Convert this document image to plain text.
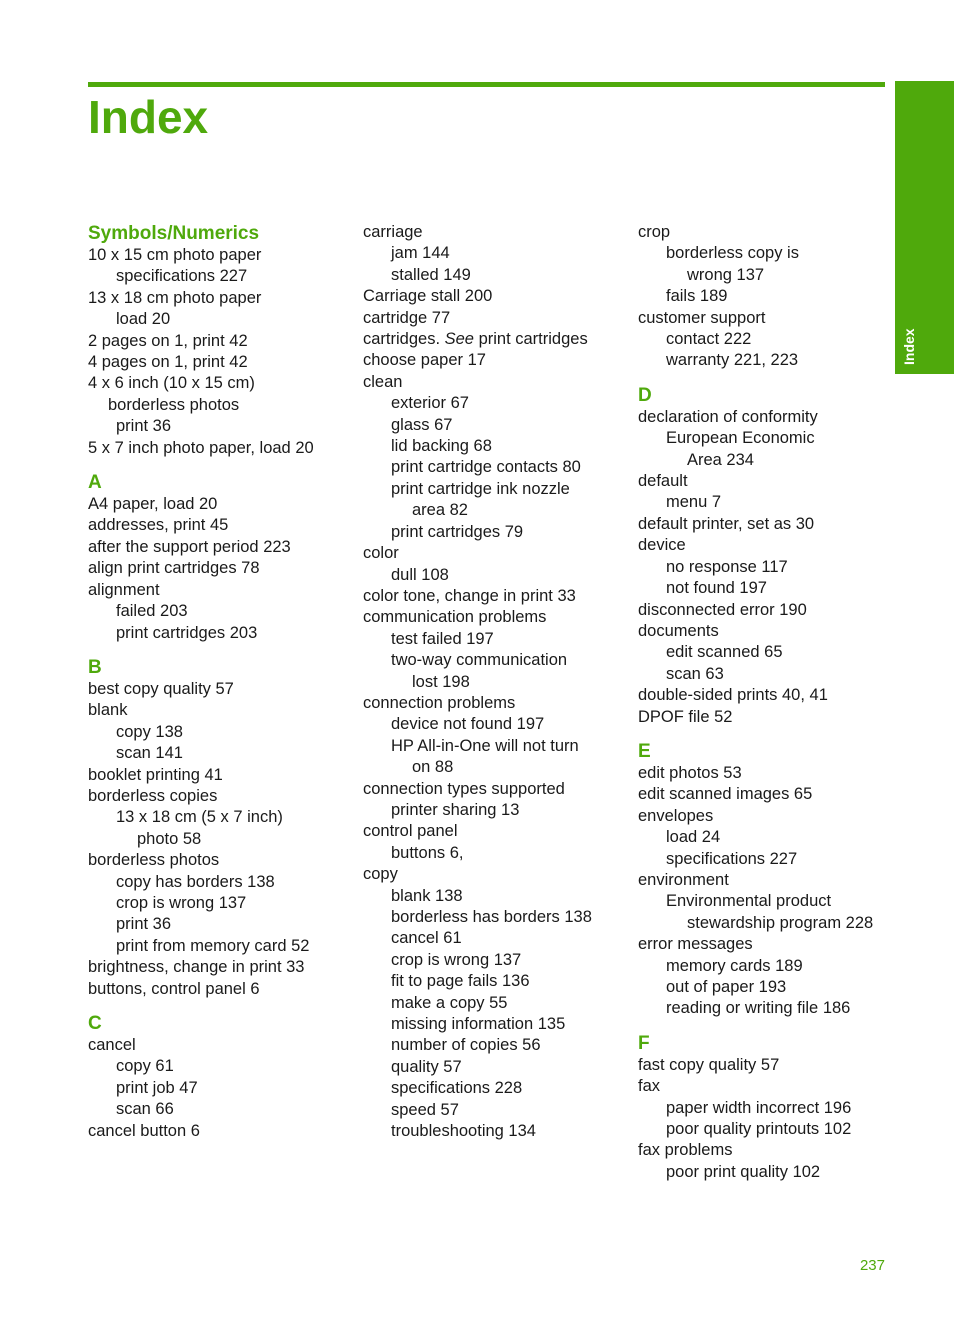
Index
Index
Symbols/Numerics
10 x 15 cm photo paper
specifications 227
13 x 18 cm photo paper
load 20
2 pages on 1, print 42
4 pages on 1, print 42
4 x 6 inch (10 x 15 cm)
borderless photos
print 36
5 x 7 inch photo paper, load 20
A
A4 paper, load 20
addresses, print 45
after the support period 223
align print cartridges 78
alignment
failed 203
print cartridges 203
B
best copy quality 57
blank
copy 138
scan 141
booklet printing 41
borderless copies
13 x 18 cm (5 x 7 inch)
photo 58
borderless photos
copy has borders 138
crop is wrong 137
print 36
print from memory card 52
brightness, change in print 33
buttons, control panel 6
C
cancel
copy 61
print job 47
scan 66
cancel button 6
carriage
jam 144
stalled 149
Carriage stall 200
cartridge 77
cartridges. See print cartridges
choose paper 17
clean
exterior 67
glass 67
lid backing 68
print cartridge contacts 80
print cartridge ink nozzle
area 82
print cartridges 79
color
dull 108
color tone, change in print 33
communication problems
test failed 197
two-way communication
lost 198
connection problems
device not found 197
HP All-in-One will not turn
on 88
connection types supported
printer sharing 13
control panel
buttons 6,
copy
blank 138
borderless has borders 138
cancel 61
crop is wrong 137
fit to page fails 136
make a copy 55
missing information 135
number of copies 56
quality 57
specifications 228
speed 57
troubleshooting 134
crop
borderless copy is
wrong 137
fails 189
customer support
contact 222
warranty 221, 223
D
declaration of conformity
European Economic
Area 234
default
menu 7
default printer, set as 30
device
no response 117
not found 197
disconnected error 190
documents
edit scanned 65
scan 63
double-sided prints 40, 41
DPOF file 52
E
edit photos 53
edit scanned images 65
envelopes
load 24
specifications 227
environment
Environmental product
stewardship program 228
error messages
memory cards 189
out of paper 193
reading or writing file 186
F
fast copy quality 57
fax
paper width incorrect 196
poor quality printouts 102
fax problems
poor print quality 102
237
